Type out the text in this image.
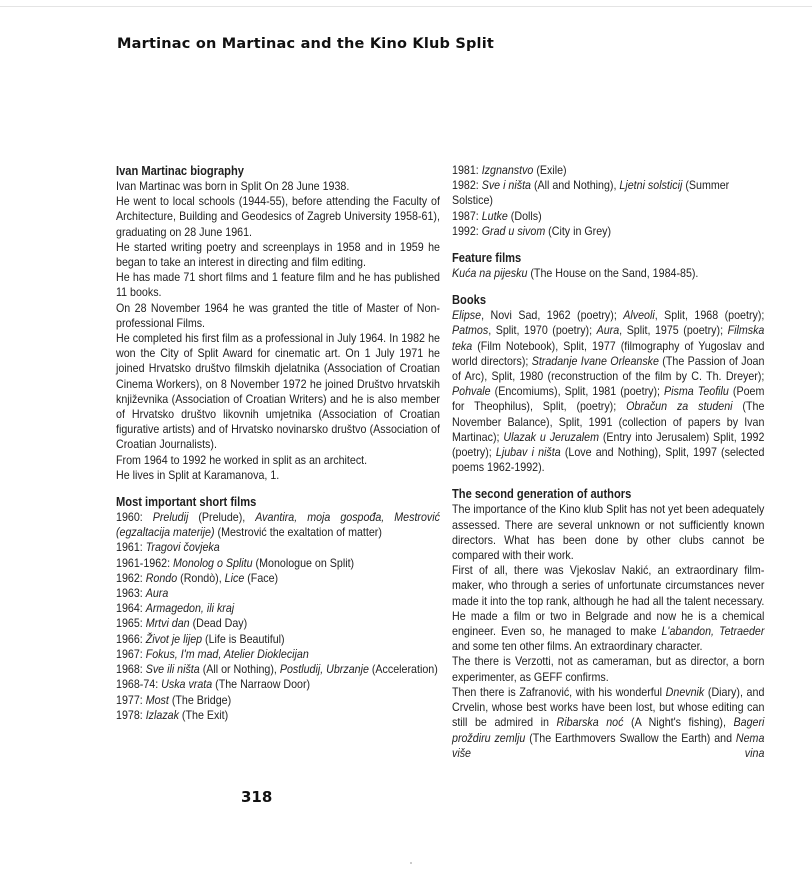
Martinac on Martinac and the Kino Klub Split
Ivan Martinac biography

Ivan Martinac was born in Split On 28 June 1938.

He went to local schools (1944-55), before attending the Faculty of Architecture, Building and Geodesics of Zagreb University 1958-61), graduating on 28 June 1961.

He started writing poetry and screenplays in 1958 and in 1959 he began to take an interest in directing and film editing.

He has made 71 short films and 1 feature film and he has published 11 books.

On 28 November 1964 he was granted the title of Master of Non-professional Films.

He completed his first film as a professional in July 1964. In 1982 he won the City of Split Award for cinematic art. On 1 July 1971 he joined Hrvatsko društvo filmskih djelatnika (Association of Croatian Cinema Workers), on 8 November 1972 he joined Društvo hrvatskih književnika (Association of Croatian Writers) and he is also member of Hrvatsko društvo likovnih umjetnika (Association of Croatian figurative artists) and of Hrvatsko novinarsko društvo (Association of Croatian Journalists).

From 1964 to 1992 he worked in split as an architect.

He lives in Split at Karamanova, 1.

Most important short films

1960: Preludij (Prelude), Avantira, moja gospođa, Mestrović (egzaltacija materije) (Mestrović the exaltation of matter)

1961: Tragovi čovjeka

1961-1962: Monolog o Splitu (Monologue on Split)

1962: Rondo (Rondò), Lice (Face)

1963: Aura

1964: Armagedon, ili kraj

1965: Mrtvi dan (Dead Day)

1966: Život je lijep (Life is Beautiful)

1967: Fokus, I'm mad, Atelier Dioklecijan

1968: Sve ili ništa (All or Nothing), Postludij, Ubrzanje (Acceleration)

1968-74: Uska vrata (The Narraow Door)

1977: Most (The Bridge)

1978: Izlazak (The Exit)

1981: Izgnanstvo (Exile)

1982: Sve i ništa (All and Nothing), Ljetni solsticij (Summer Solstice)

1987: Lutke (Dolls)

1992: Grad u sivom (City in Grey)

Feature films

Kuća na pijesku (The House on the Sand, 1984-85).

Books

Elipse, Novi Sad, 1962 (poetry); Alveoli, Split, 1968 (poetry); Patmos, Split, 1970 (poetry); Aura, Split, 1975 (poetry); Filmska teka (Film Notebook), Split, 1977 (filmography of Yugoslav and world directors); Stradanje Ivane Orleanske (The Passion of Joan of Arc), Split, 1980 (reconstruction of the film by C. Th. Dreyer); Pohvale (Encomiums), Split, 1981 (poetry); Pisma Teofilu (Poem for Theophilus), Split, (poetry); Obračun za studeni (The November Balance), Split, 1991 (collection of papers by Ivan Martinac); Ulazak u Jeruzalem (Entry into Jerusalem) Split, 1992 (poetry); Ljubav i ništa (Love and Nothing), Split, 1997 (selected poems 1962-1992).

The second generation of authors

The importance of the Kino klub Split has not yet been adequately assessed. There are several unknown or not sufficiently known directors. What has been done by other clubs cannot be compared with their work.

First of all, there was Vjekoslav Nakić, an extraordinary film-maker, who through a series of unfortunate circumstances never made it into the top rank, although he had all the talent necessary. He made a film or two in Belgrade and now he is a chemical engineer. Even so, he managed to make L'abandon, Tetraeder and some ten other films. An extraordinary character.

The there is Verzotti, not as cameraman, but as director, a born experimenter, as GEFF confirms.

Then there is Zafranović, with his wonderful Dnevnik (Diary), and Crvelin, whose best works have been lost, but whose editing can still be admired in Ribarska noć (A Night's fishing), Bageri proždiru zemlju (The Earthmovers Swallow the Earth) and Nema više vina

318
